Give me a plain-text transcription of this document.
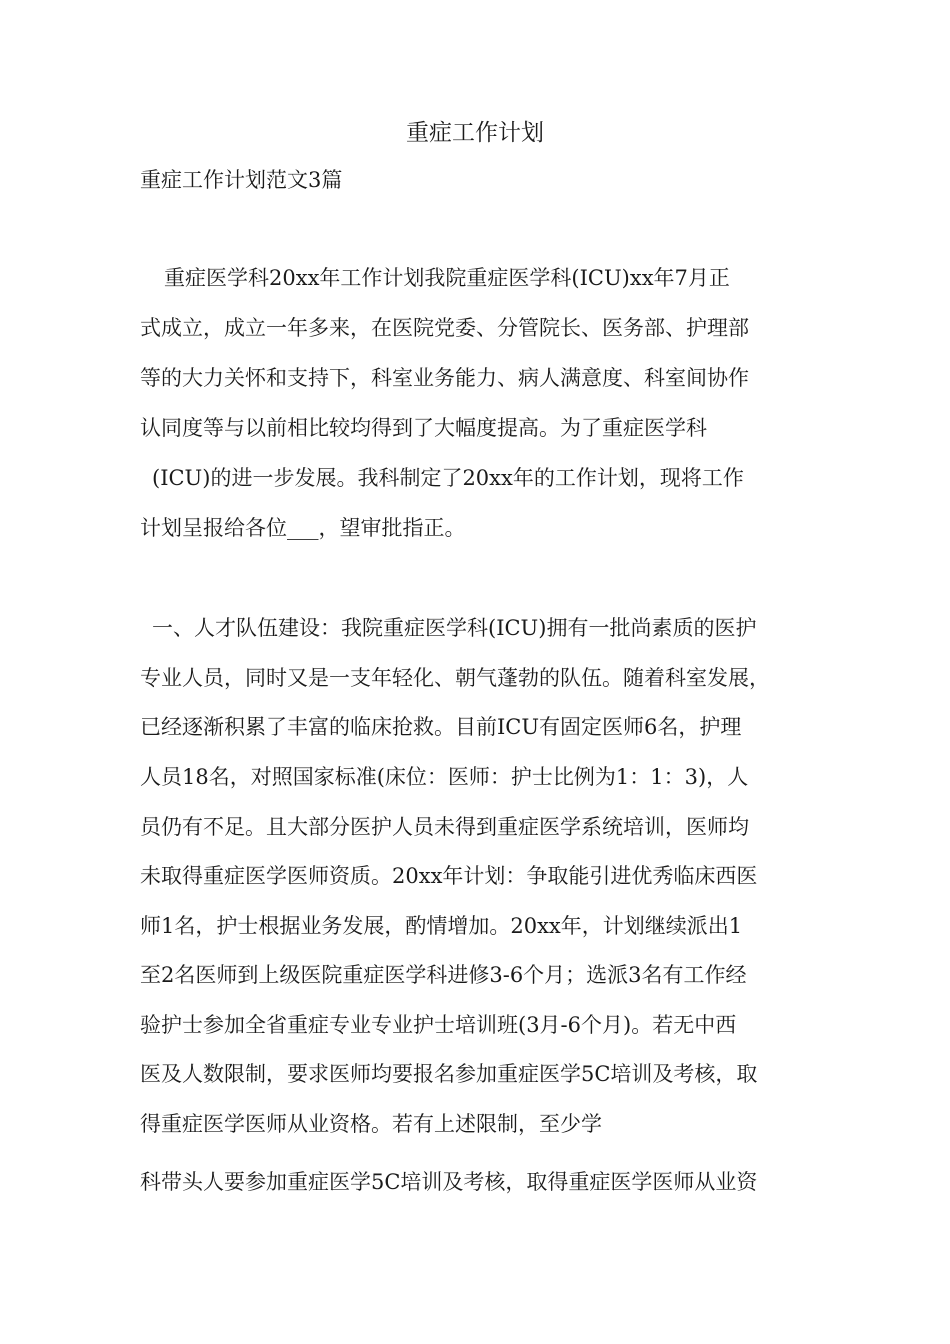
重症工作计划
重症工作计划范文3篇
重症医学科20xx年工作计划我院重症医学科(ICU)xx年7月正
式成立，成立一年多来，在医院党委、分管院长、医务部、护理部
等的大力关怀和支持下，科室业务能力、病人满意度、科室间协作
认同度等与以前相比较均得到了大幅度提高。为了重症医学科
(ICU)的进一步发展。我科制定了20xx年的工作计划，现将工作
计划呈报给各位___，望审批指正。
一、人才队伍建设：我院重症医学科(ICU)拥有一批尚素质的医护
专业人员，同时又是一支年轻化、朝气蓬勃的队伍。随着科室发展，
已经逐渐积累了丰富的临床抢救。目前ICU有固定医师6名，护理
人员18名，对照国家标准(床位：医师：护士比例为1：1：3)，人
员仍有不足。且大部分医护人员未得到重症医学系统培训，医师均
未取得重症医学医师资质。20xx年计划：争取能引进优秀临床西医
师1名，护士根据业务发展，酌情增加。20xx年，计划继续派出1
至2名医师到上级医院重症医学科进修3-6个月；选派3名有工作经
验护士参加全省重症专业专业护士培训班(3月-6个月)。若无中西
医及人数限制，要求医师均要报名参加重症医学5C培训及考核，取
得重症医学医师从业资格。若有上述限制，至少学
科带头人要参加重症医学5C培训及考核，取得重症医学医师从业资
